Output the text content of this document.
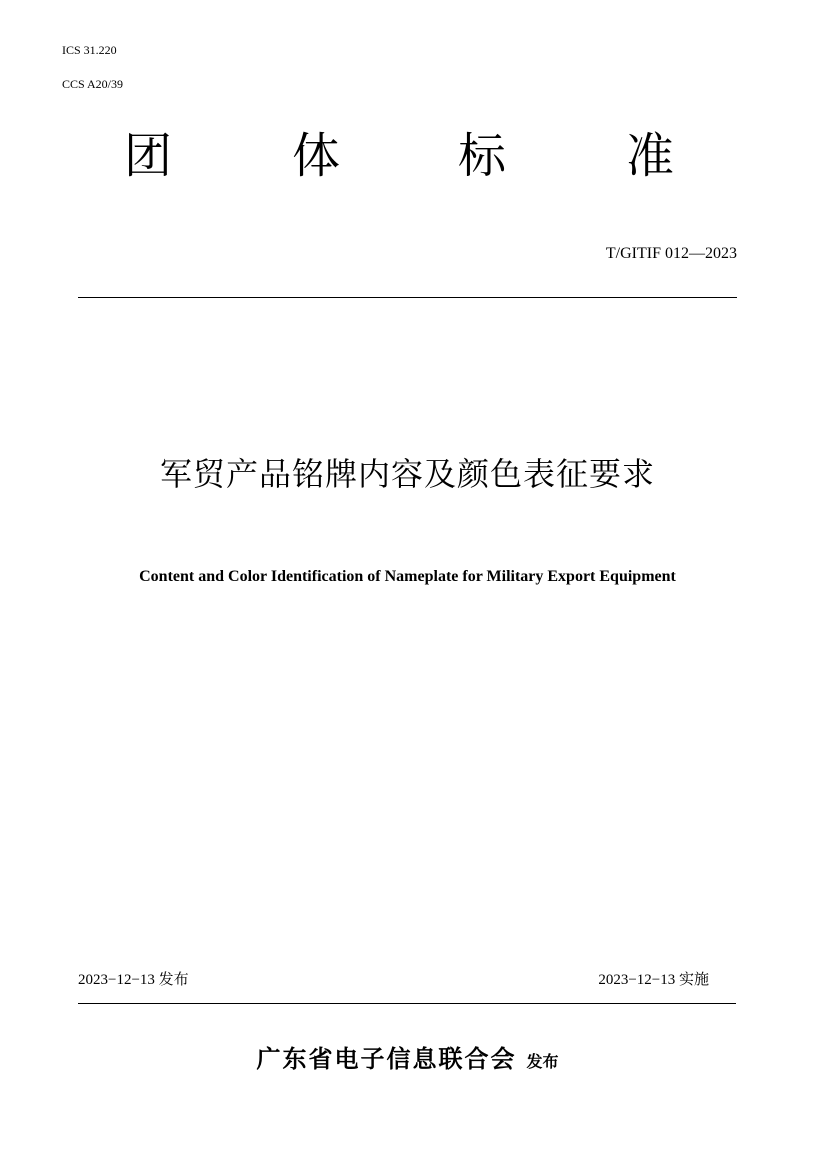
ICS 31.220
CCS A20/39
团 体 标 准
T/GITIF 012—2023
军贸产品铭牌内容及颜色表征要求
Content and Color Identification of Nameplate for Military Export Equipment
2023−12−13 发布	2023−12−13 实施
广东省电子信息联合会 发布
